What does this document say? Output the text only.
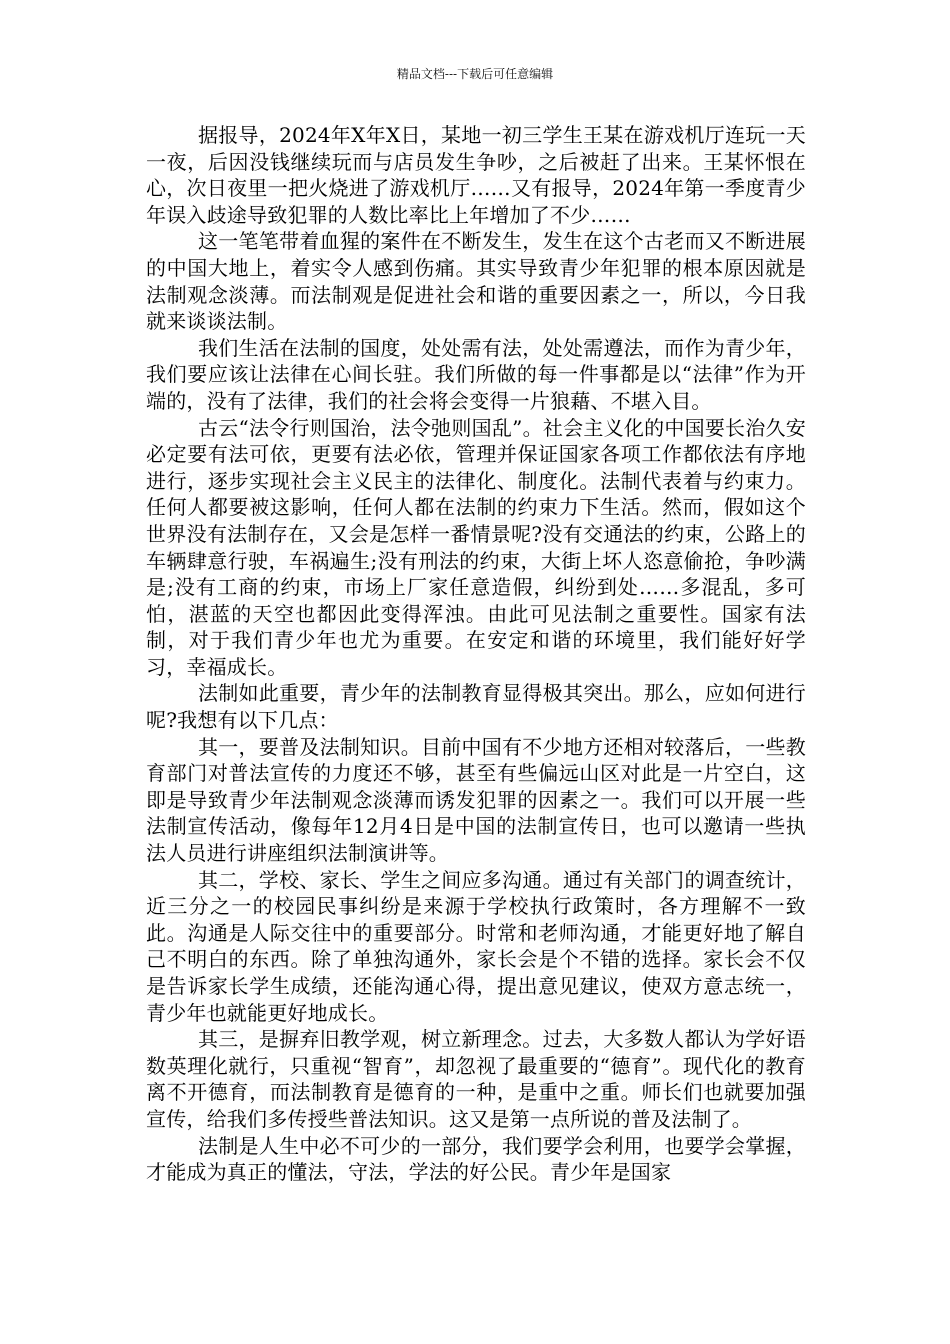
精品文档---下载后可任意编辑

据报导，2024年X年X日，某地一初三学生王某在游戏机厅连玩一天一夜，后因没钱继续玩而与店员发生争吵，之后被赶了出来。王某怀恨在心，次日夜里一把火烧进了游戏机厅……又有报导，2024年第一季度青少年误入歧途导致犯罪的人数比率比上年增加了不少……

这一笔笔带着血猩的案件在不断发生，发生在这个古老而又不断进展的中国大地上，着实令人感到伤痛。其实导致青少年犯罪的根本原因就是法制观念淡薄。而法制观是促进社会和谐的重要因素之一，所以，今日我就来谈谈法制。

我们生活在法制的国度，处处需有法，处处需遵法，而作为青少年，我们要应该让法律在心间长驻。我们所做的每一件事都是以“法律”作为开端的，没有了法律，我们的社会将会变得一片狼藉、不堪入目。

古云“法令行则国治，法令弛则国乱”。社会主义化的中国要长治久安必定要有法可依，更要有法必依，管理并保证国家各项工作都依法有序地进行，逐步实现社会主义民主的法律化、制度化。法制代表着与约束力。任何人都要被这影响，任何人都在法制的约束力下生活。然而，假如这个世界没有法制存在，又会是怎样一番情景呢?没有交通法的约束，公路上的车辆肆意行驶，车祸遍生;没有刑法的约束，大街上坏人恣意偷抢，争吵满是;没有工商的约束，市场上厂家任意造假，纠纷到处……多混乱，多可怕，湛蓝的天空也都因此变得浑浊。由此可见法制之重要性。国家有法制，对于我们青少年也尤为重要。在安定和谐的环境里，我们能好好学习，幸福成长。

法制如此重要，青少年的法制教育显得极其突出。那么，应如何进行呢?我想有以下几点：

其一，要普及法制知识。目前中国有不少地方还相对较落后，一些教育部门对普法宣传的力度还不够，甚至有些偏远山区对此是一片空白，这即是导致青少年法制观念淡薄而诱发犯罪的因素之一。我们可以开展一些法制宣传活动，像每年12月4日是中国的法制宣传日，也可以邀请一些执法人员进行讲座组织法制演讲等。

其二，学校、家长、学生之间应多沟通。通过有关部门的调查统计，近三分之一的校园民事纠纷是来源于学校执行政策时，各方理解不一致此。沟通是人际交往中的重要部分。时常和老师沟通，才能更好地了解自己不明白的东西。除了单独沟通外，家长会是个不错的选择。家长会不仅是告诉家长学生成绩，还能沟通心得，提出意见建议，使双方意志统一，青少年也就能更好地成长。

其三，是摒弃旧教学观，树立新理念。过去，大多数人都认为学好语数英理化就行，只重视“智育”，却忽视了最重要的“德育”。现代化的教育离不开德育，而法制教育是德育的一种，是重中之重。师长们也就要加强宣传，给我们多传授些普法知识。这又是第一点所说的普及法制了。

法制是人生中必不可少的一部分，我们要学会利用，也要学会掌握，才能成为真正的懂法，守法，学法的好公民。青少年是国家
